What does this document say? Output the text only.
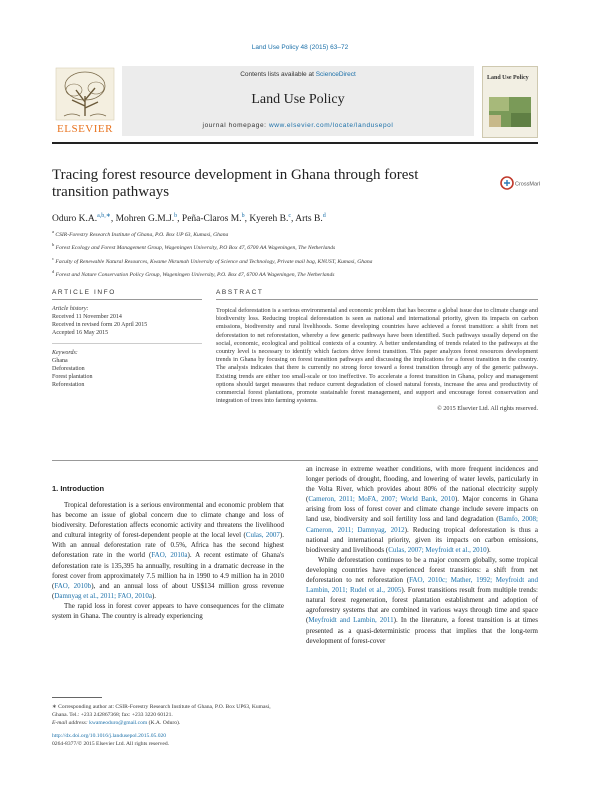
Land Use Policy 48 (2015) 63–72
ELSEVIER
Contents lists available at ScienceDirect
Land Use Policy
journal homepage: www.elsevier.com/locate/landusepol
Land Use Policy
Tracing forest resource development in Ghana through forest
transition pathways	CrossMark
Oduro K.A.$^{a,b,∗}$, Mohren G.M.J.$^b$, Peña-Claros M.$^b$, Kyereh B.$^c$, Arts B.$^d$
$^a$ CSIR-Forestry Research Institute of Ghana, P.O. Box UP 63, Kumasi, Ghana
$^b$ Forest Ecology and Forest Management Group, Wageningen University, P.O Box 47, 6700 AA Wageningen, The Netherlands
$^c$ Faculty of Renewable Natural Resources, Kwame Nkrumah University of Science and Technology, Private mail bag, KNUST, Kumasi, Ghana
$^d$ Forest and Nature Conservation Policy Group, Wageningen University, P.O. Box 47, 6700 AA Wageningen, The Netherlands
ARTICLE INFO
Article history:
Received 11 November 2014
Received in revised form 20 April 2015
Accepted 16 May 2015
Keywords:
Ghana
Deforestation
Forest plantation
Reforestation
ABSTRACT
Tropical deforestation is a serious environmental and economic problem that has become a global issue due to climate change and biodiversity loss. Reducing tropical deforestation is seen as national and international priority, given its impacts on carbon emissions, biodiversity and rural livelihoods. Some developing countries have achieved a forest transition: a shift from net deforestation to net reforestation, whereby a few generic pathways have been identified. Such pathways usually depend on the social, economic, ecological and political contexts of a country. A better understanding of trends related to the pathways at the country level is necessary to identify which factors drive forest transition. This paper analyzes forest resources development trends in Ghana by focusing on forest transition pathways and discussing the implications for a forest transition in the country. The analysis indicates that there is currently no strong force toward a forest transition through any of the generic pathways. Existing trends are either too small-scale or too ineffective. To accelerate a forest transition in Ghana, policy and management options should target measures that reduce current degradation of closed natural forests, increase the area and productivity of commercial forest plantations, promote sustainable forest management, and support and encourage forest conservation and integration of trees into farming systems.
© 2015 Elsevier Ltd. All rights reserved.
1. Introduction

Tropical deforestation is a serious environmental and economic problem that has become an issue of global concern due to climate change and loss of biodiversity. Deforestation affects economic activity and threatens the livelihood and cultural integrity of forest-dependent people at the local level (Culas, 2007). With an annual deforestation rate of 0.5%, Africa has the second highest deforestation rate in the world (FAO, 2010a). A recent estimate of Ghana's deforestation rate is 135,395 ha annually, resulting in a dramatic decrease in the forest cover from approximately 7.5 million ha in 1990 to 4.9 million ha in 2010 (FAO, 2010b), and an annual loss of about US$134 million gross revenue (Damnyag et al., 2011; FAO, 2010a).

The rapid loss in forest cover appears to have consequences for the climate system in Ghana. The country is already experiencing

an increase in extreme weather conditions, with more frequent incidences and longer periods of drought, flooding, and lowering of water levels, particularly in the Volta River, which provides about 80% of the national electricity supply (Cameron, 2011; MoFA, 2007; World Bank, 2010). Major concerns in Ghana arising from loss of forest cover and climate change include severe impacts on land use, biodiversity and soil fertility loss and land degradation (Bamfo, 2008; Cameron, 2011; Damnyag, 2012). Reducing tropical deforestation is thus a national and international priority, given its impacts on carbon emissions, biodiversity and livelihoods (Culas, 2007; Meyfroidt et al., 2010).

While deforestation continues to be a major concern globally, some tropical developing countries have experienced forest transitions: a shift from net deforestation to net reforestation (FAO, 2010c; Mather, 1992; Meyfroidt and Lambin, 2011; Rudel et al., 2005). Forest transitions result from multiple trends: natural forest regeneration, forest plantation establishment and adoption of agroforestry systems that are combined in various ways through time and space (Meyfroidt and Lambin, 2011). In the literature, a forest transition is at times presented as a quasi-deterministic process that implies that the long-term development of forest-cover

∗ Corresponding author at: CSIR-Forestry Research Institute of Ghana, P.O. Box UP63, Kumasi, Ghana. Tel.: +233 242867368; fax: +233 3220 60121.
E-mail address: kwameoduro@gmail.com (K.A. Oduro).
http://dx.doi.org/10.1016/j.landusepol.2015.05.020
0264-8377/© 2015 Elsevier Ltd. All rights reserved.
